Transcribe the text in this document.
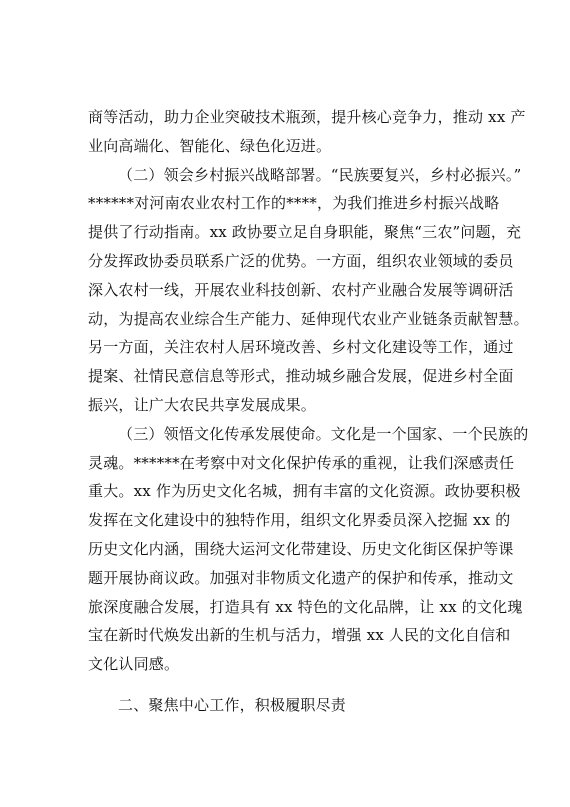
商等活动，助力企业突破技术瓶颈，提升核心竞争力，推动 xx 产
业向高端化、智能化、绿色化迈进。
（二）领会乡村振兴战略部署。“民族要复兴，乡村必振兴。”
******对河南农业农村工作的****，为我们推进乡村振兴战略
提供了行动指南。xx 政协要立足自身职能，聚焦“三农”问题，充
分发挥政协委员联系广泛的优势。一方面，组织农业领域的委员
深入农村一线，开展农业科技创新、农村产业融合发展等调研活
动，为提高农业综合生产能力、延伸现代农业产业链条贡献智慧。
另一方面，关注农村人居环境改善、乡村文化建设等工作，通过
提案、社情民意信息等形式，推动城乡融合发展，促进乡村全面
振兴，让广大农民共享发展成果。
（三）领悟文化传承发展使命。文化是一个国家、一个民族的
灵魂。******在考察中对文化保护传承的重视，让我们深感责任
重大。xx 作为历史文化名城，拥有丰富的文化资源。政协要积极
发挥在文化建设中的独特作用，组织文化界委员深入挖掘 xx 的
历史文化内涵，围绕大运河文化带建设、历史文化街区保护等课
题开展协商议政。加强对非物质文化遗产的保护和传承，推动文
旅深度融合发展，打造具有 xx 特色的文化品牌，让 xx 的文化瑰
宝在新时代焕发出新的生机与活力，增强 xx 人民的文化自信和
文化认同感。
二、聚焦中心工作，积极履职尽责
